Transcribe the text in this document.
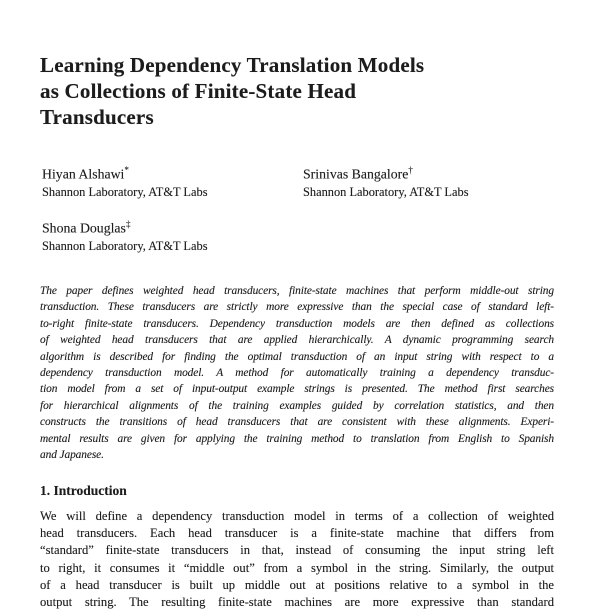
Learning Dependency Translation Models
as Collections of Finite-State Head
Transducers
Hiyan Alshawi*
Shannon Laboratory, AT&T Labs
Srinivas Bangalore†
Shannon Laboratory, AT&T Labs
Shona Douglas‡
Shannon Laboratory, AT&T Labs
The paper defines weighted head transducers, finite-state machines that perform middle-out string
transduction. These transducers are strictly more expressive than the special case of standard left-
to-right finite-state transducers. Dependency transduction models are then defined as collections
of weighted head transducers that are applied hierarchically. A dynamic programming search
algorithm is described for finding the optimal transduction of an input string with respect to a
dependency transduction model. A method for automatically training a dependency transduc-
tion model from a set of input-output example strings is presented. The method first searches
for hierarchical alignments of the training examples guided by correlation statistics, and then
constructs the transitions of head transducers that are consistent with these alignments. Experi-
mental results are given for applying the training method to translation from English to Spanish
and Japanese.
1. Introduction
We will define a dependency transduction model in terms of a collection of weighted
head transducers. Each head transducer is a finite-state machine that differs from
“standard” finite-state transducers in that, instead of consuming the input string left
to right, it consumes it “middle out” from a symbol in the string. Similarly, the output
of a head transducer is built up middle out at positions relative to a symbol in the
output string. The resulting finite-state machines are more expressive than standard
